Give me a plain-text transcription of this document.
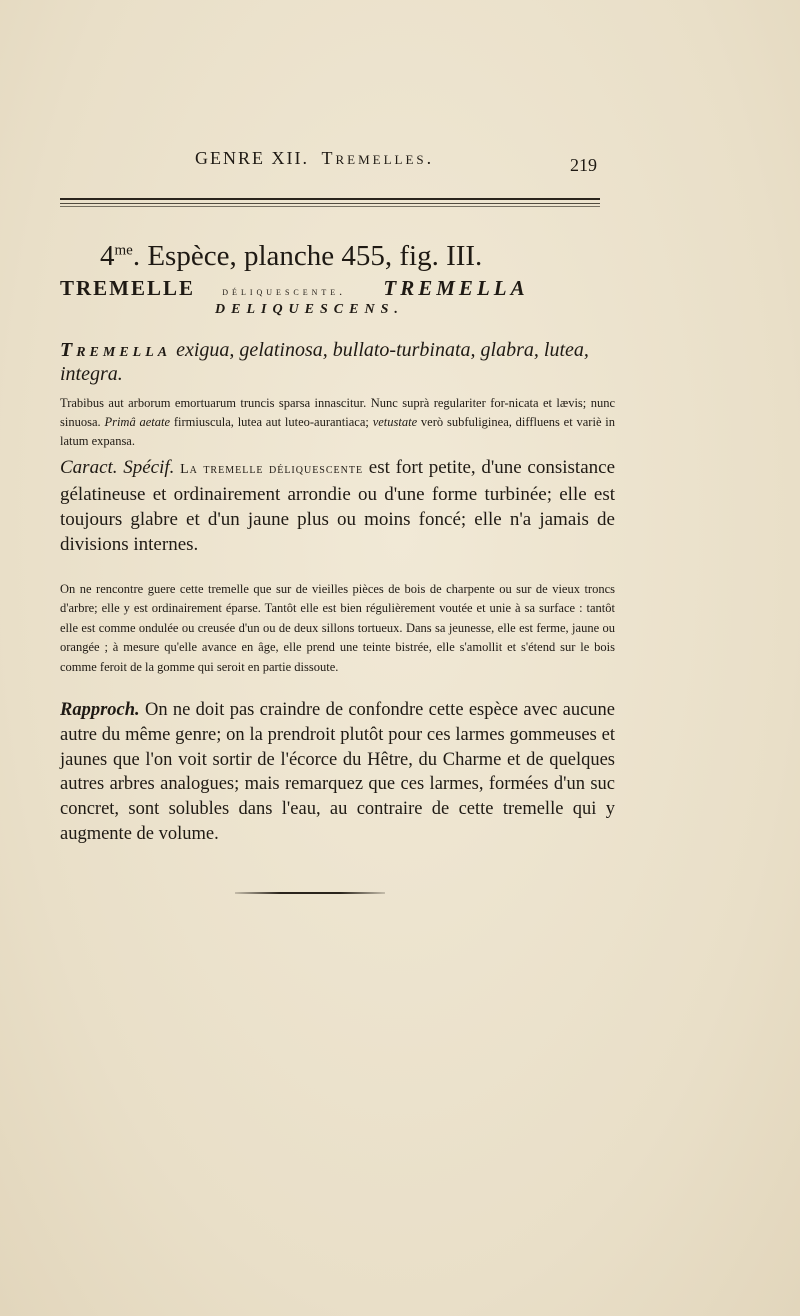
GENRE XII. Tremelles.	219
$4^{me}$. Espèce, planche 455, fig. III.
TREMELLE déliquescente. TREMELLA
DELIQUESCENS.
Tremella exigua, gelatinosa, bullato-turbinata, glabra, lutea, integra.
Trabibus aut arborum emortuarum truncis sparsa innascitur. Nunc suprà regulariter for-nicata et lævis; nunc sinuosa. Primâ aetate firmiuscula, lutea aut luteo-aurantiaca; vetustate verò subfuliginea, diffluens et variè in latum expansa.
Caract. Spécif. La tremelle déliquescente est fort petite, d'une consistance gélatineuse et ordinairement arrondie ou d'une forme turbinée; elle est toujours glabre et d'un jaune plus ou moins foncé; elle n'a jamais de divisions internes.
On ne rencontre guere cette tremelle que sur de vieilles pièces de bois de charpente ou sur de vieux troncs d'arbre; elle y est ordinairement éparse. Tantôt elle est bien régulièrement voutée et unie à sa surface : tantôt elle est comme ondulée ou creusée d'un ou de deux sillons tortueux. Dans sa jeunesse, elle est ferme, jaune ou orangée ; à mesure qu'elle avance en âge, elle prend une teinte bistrée, elle s'amollit et s'étend sur le bois comme feroit de la gomme qui seroit en partie dissoute.
Rapproch. On ne doit pas craindre de confondre cette espèce avec aucune autre du même genre; on la prendroit plutôt pour ces larmes gommeuses et jaunes que l'on voit sortir de l'écorce du Hêtre, du Charme et de quelques autres arbres analogues; mais remarquez que ces larmes, formées d'un suc concret, sont solubles dans l'eau, au contraire de cette tremelle qui y augmente de volume.
